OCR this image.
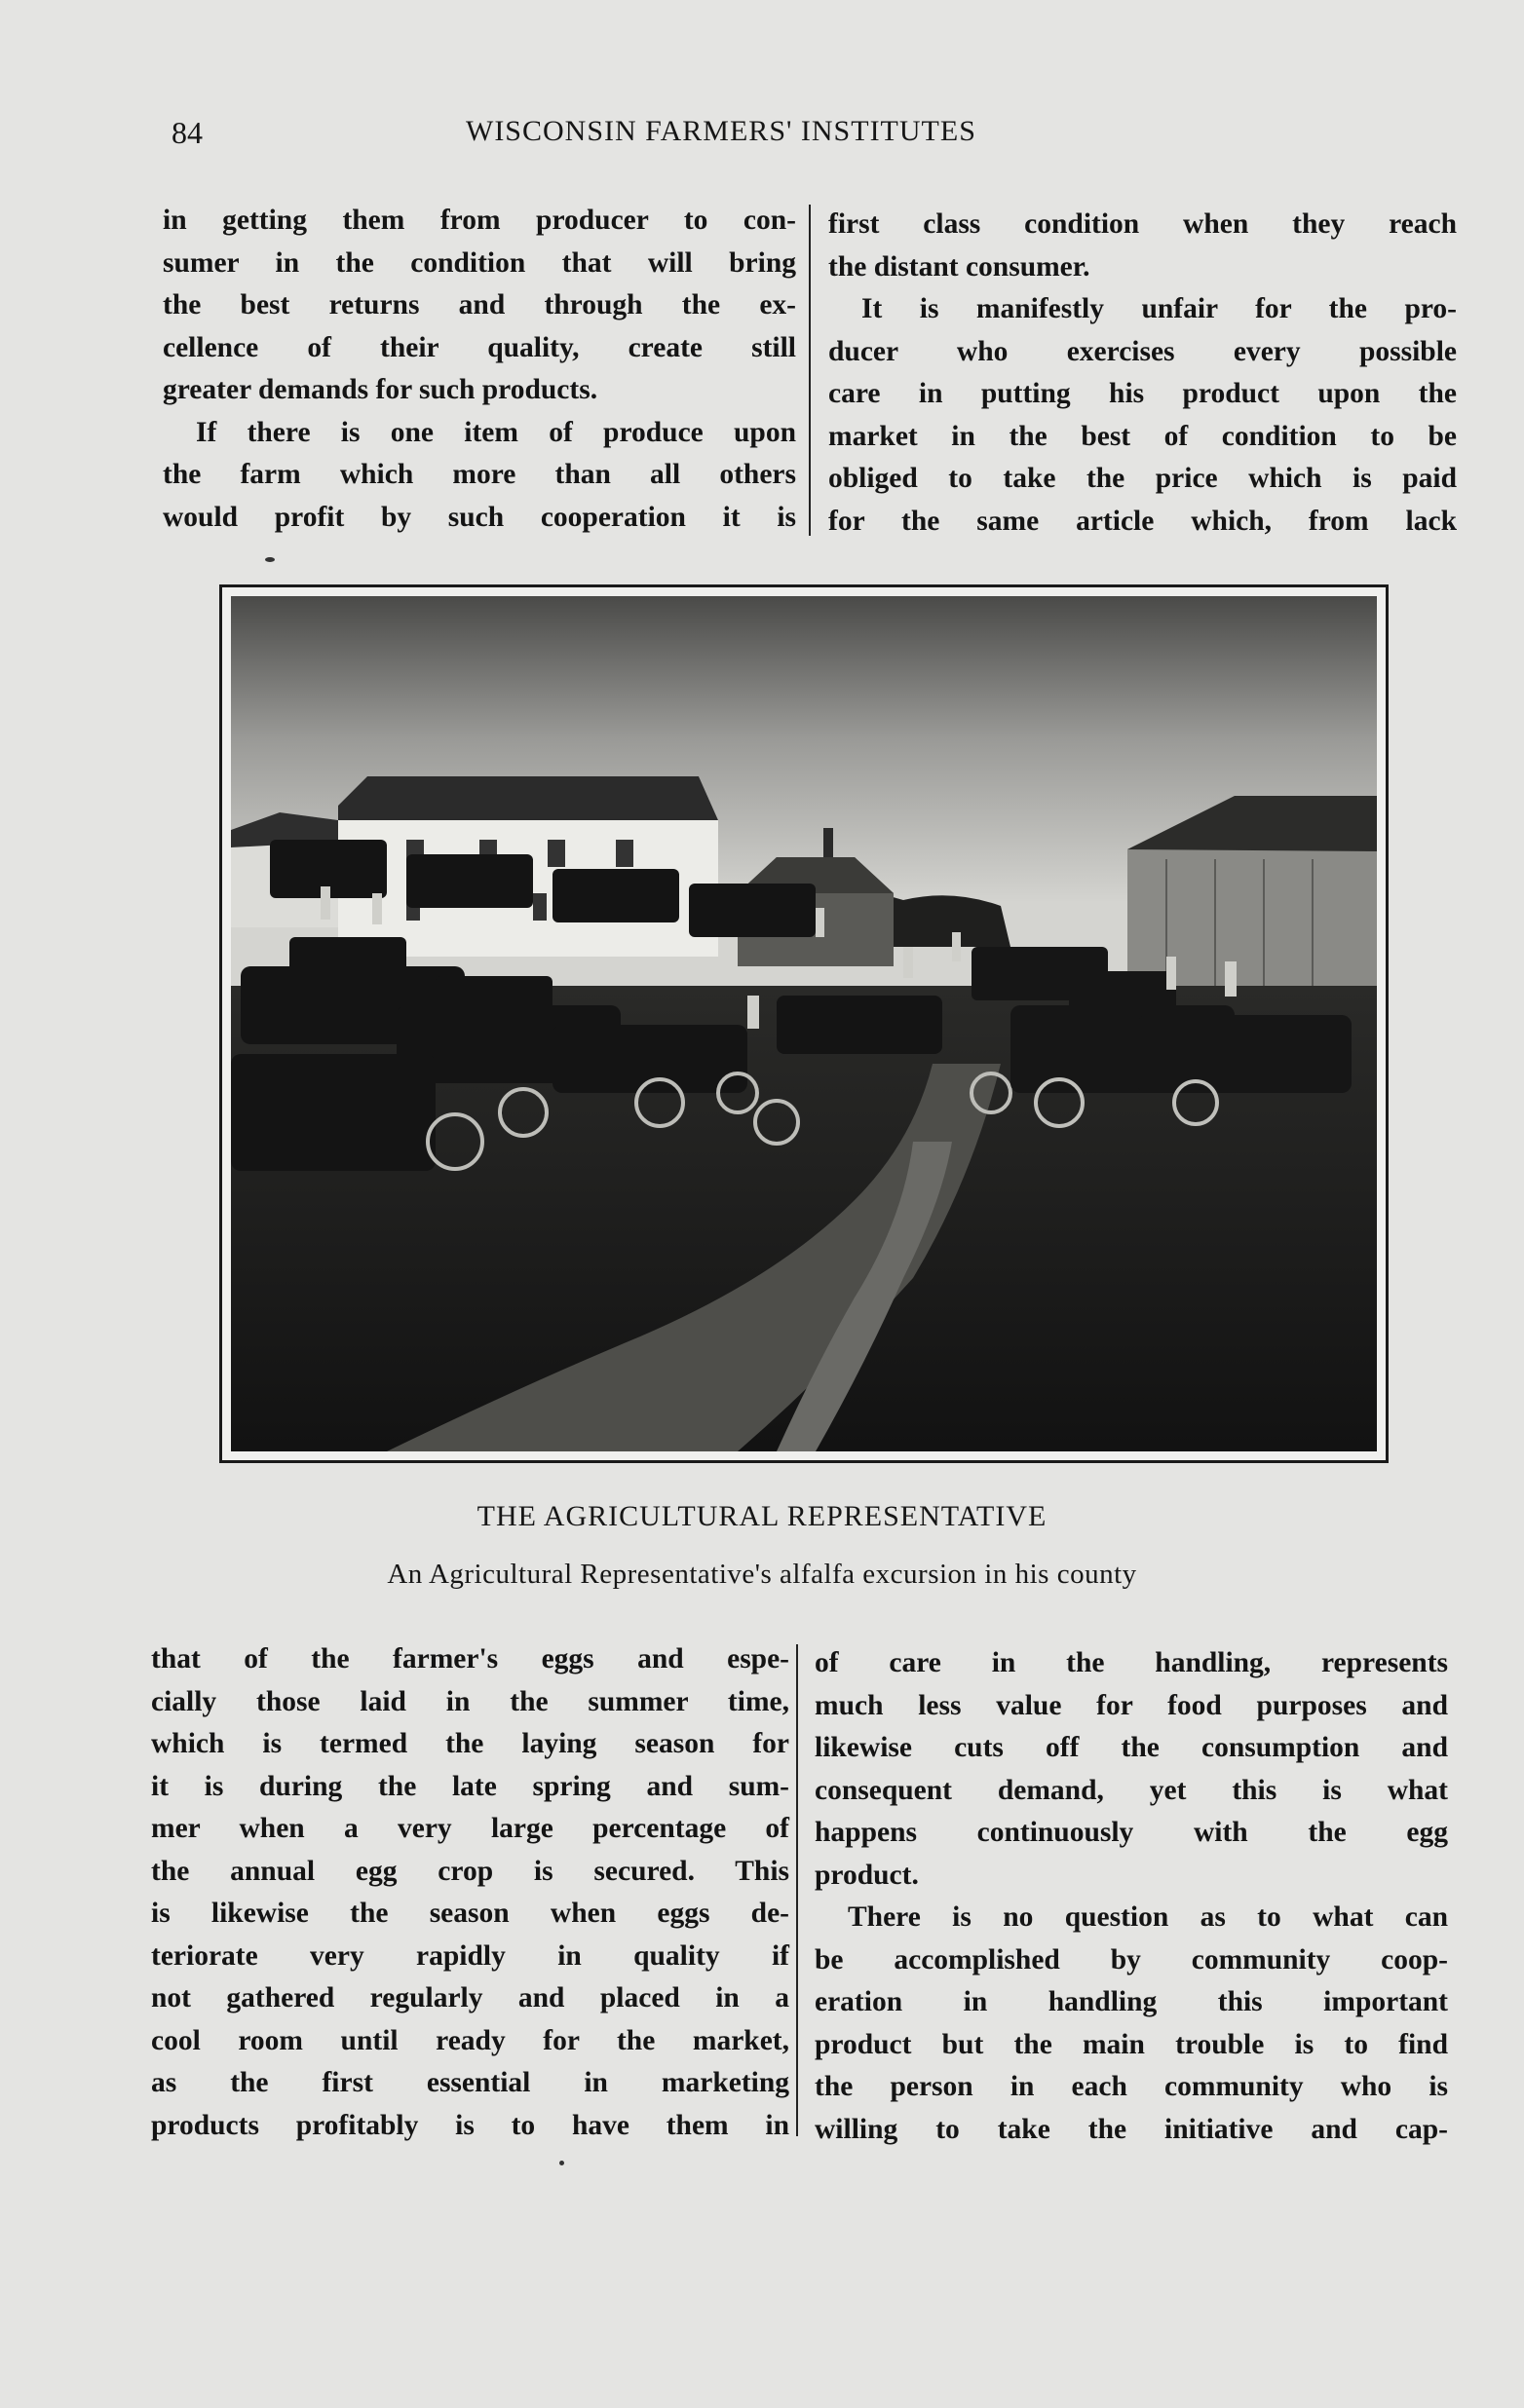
84	WISCONSIN FARMERS' INSTITUTES

in getting them from producer to con-

sumer in the condition that will bring

the best returns and through the ex-

cellence of their quality, create still

greater demands for such products.

If there is one item of produce upon

the farm which more than all others

would profit by such cooperation it is

first class condition when they reach

the distant consumer.

It is manifestly unfair for the pro-

ducer who exercises every possible

care in putting his product upon the

market in the best of condition to be

obliged to take the price which is paid

for the same article which, from lack

THE AGRICULTURAL REPRESENTATIVE
An Agricultural Representative's alfalfa excursion in his county

that of the farmer's eggs and espe-

cially those laid in the summer time,

which is termed the laying season for

it is during the late spring and sum-

mer when a very large percentage of

the annual egg crop is secured. This

is likewise the season when eggs de-

teriorate very rapidly in quality if

not gathered regularly and placed in a

cool room until ready for the market,

as the first essential in marketing

products profitably is to have them in

of care in the handling, represents

much less value for food purposes and

likewise cuts off the consumption and

consequent demand, yet this is what

happens continuously with the egg

product.

There is no question as to what can

be accomplished by community coop-

eration in handling this important

product but the main trouble is to find

the person in each community who is

willing to take the initiative and cap-
